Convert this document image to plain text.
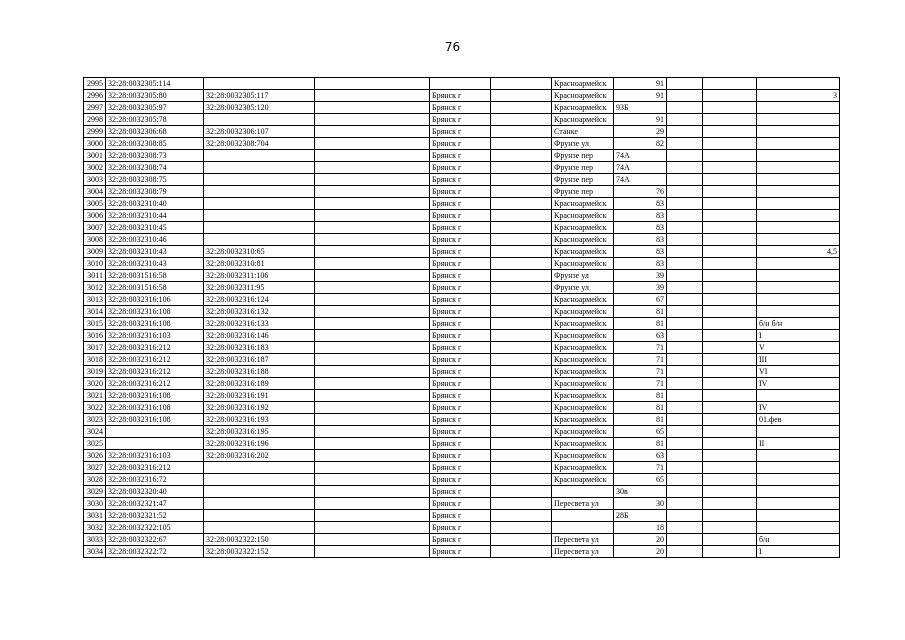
76
2995	32:28:0032305:114					Красноармейск	91			
2996	32:28:0032305:80	32:28:0032305:117		Брянск г		Красноармейск	91			3
2997	32:28:0032305:97	32:28:0032305:120		Брянск г		Красноармейск	93Б			
2998	32:28:0032305:78			Брянск г		Красноармейск	91			
2999	32:28:0032306:68	32:28:0032306:107		Брянск г		Станке	29			
3000	32:28:0032308:85	32:28:0032308:704		Брянск г		Фрунзе ул	82			
3001	32:28:0032308:73			Брянск г		Фрунзе пер	74А			
3002	32:28:0032308:74			Брянск г		Фрунзе пер	74А			
3003	32:28:0032308:75			Брянск г		Фрунзе пер	74А			
3004	32:28:0032308:79			Брянск г		Фрунзе пер	76			
3005	32:28:0032310:40			Брянск г		Красноармейск	83			
3006	32:28:0032310:44			Брянск г		Красноармейск	83			
3007	32:28:0032310:45			Брянск г		Красноармейск	83			
3008	32:28:0032310:46			Брянск г		Красноармейск	83			
3009	32:28:0032310:43	32:28:0032310:65		Брянск г		Красноармейск	83			4,5
3010	32:28:0032310:43	32:28:0032310:81		Брянск г		Красноармейск	83			
3011	32:28:0031516:58	32:28:0032311:106		Брянск г		Фрунзе ул	39			
3012	32:28:0031516:58	32:28:0032311:95		Брянск г		Фрунзе ул	39			
3013	32:28:0032316:106	32:28:0032316:124		Брянск г		Красноармейск	67			
3014	32:28:0032316:108	32:28:0032316:132		Брянск г		Красноармейск	81			
3015	32:28:0032316:108	32:28:0032316:133		Брянск г		Красноармейск	81			б/н б/н
3016	32:28:0032316:103	32:28:0032316:146		Брянск г		Красноармейск	63			I
3017	32:28:0032316:212	32:28:0032316:183		Брянск г		Красноармейск	71			V
3018	32:28:0032316:212	32:28:0032316:187		Брянск г		Красноармейск	71			III
3019	32:28:0032316:212	32:28:0032316:188		Брянск г		Красноармейск	71			VI
3020	32:28:0032316:212	32:28:0032316:189		Брянск г		Красноармейск	71			IV
3021	32:28:0032316:108	32:28:0032316:191		Брянск г		Красноармейск	81			
3022	32:28:0032316:108	32:28:0032316:192		Брянск г		Красноармейск	81			IV
3023	32:28:0032316:108	32:28:0032316:193		Брянск г		Красноармейск	81			01.фев
3024		32:28:0032316:195		Брянск г		Красноармейск	65			
3025		32:28:0032316:196		Брянск г		Красноармейск	81			II
3026	32:28:0032316:103	32:28:0032316:202		Брянск г		Красноармейск	63			
3027	32:28:0032316:212			Брянск г		Красноармейск	71			
3028	32:28:0032316:72			Брянск г		Красноармейск	65			
3029	32:28:0032320:40			Брянск г			30в			
3030	32:28:0032321:47			Брянск г		Пересвета ул	30			
3031	32:28:0032321:52			Брянск г			28Б			
3032	32:28:0032322:105			Брянск г			18			
3033	32:28:0032322:67	32:28:0032322:150		Брянск г		Пересвета ул	20			б/н
3034	32:28:0032322:72	32:28:0032322:152		Брянск г		Пересвета ул	20			I
